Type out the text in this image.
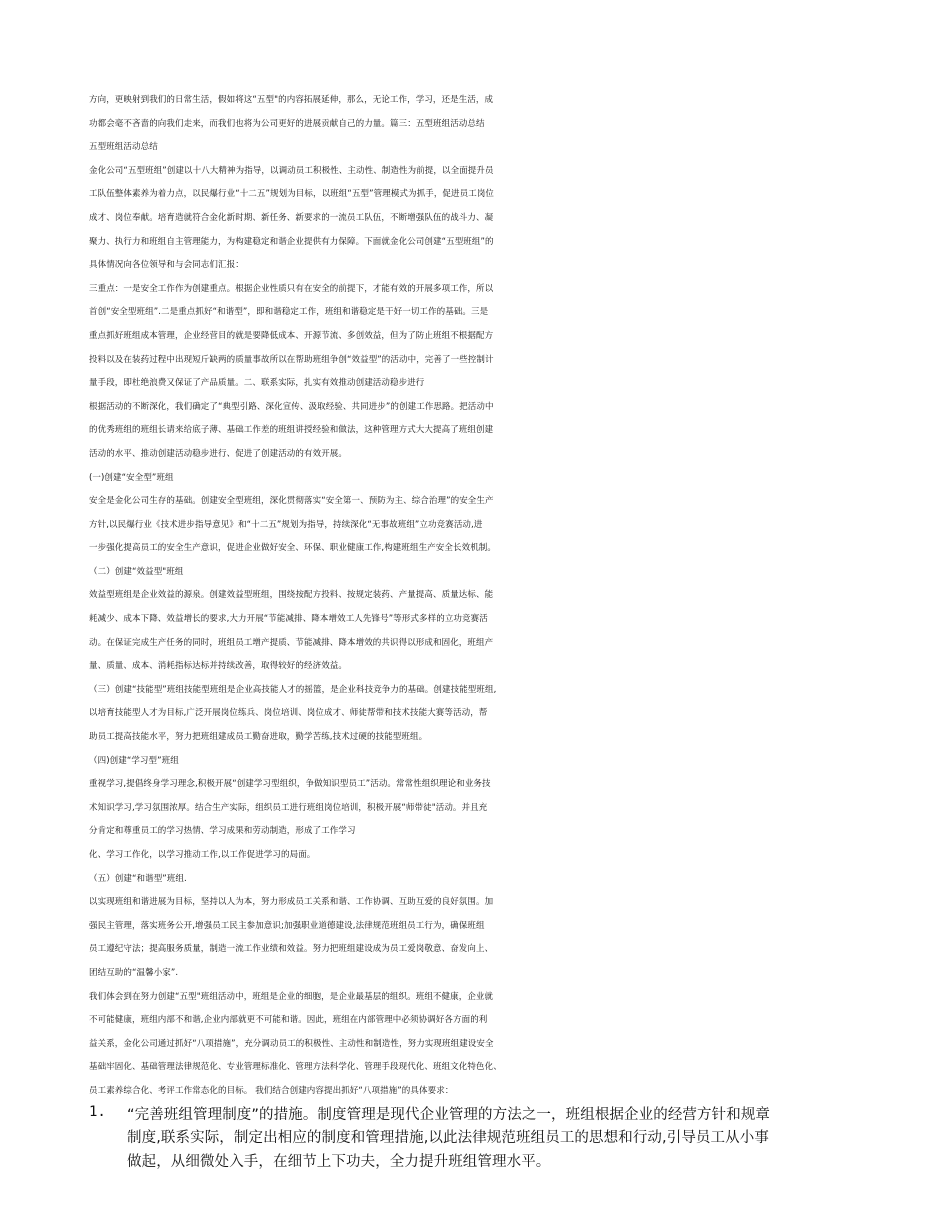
方向，更映射到我们的日常生活，假如将这“五型"的内容拓展延伸，那么，无论工作，学习，还是生活，成
功都会毫不吝啬的向我们走来，而我们也将为公司更好的进展贡献自己的力量。篇三：五型班组活动总结
五型班组活动总结
金化公司“五型班组”创建以十八大精神为指导，以调动员工积极性、主动性、制造性为前提，以全面提升员
工队伍整体素养为着力点，以民爆行业“十二五”规划为目标，以班组“五型”管理模式为抓手，促进员工岗位
成才、岗位奉献。培育造就符合金化新时期、新任务、新要求的一流员工队伍，不断增强队伍的战斗力、凝
聚力、执行力和班组自主管理能力，为构建稳定和谐企业提供有力保障。下面就金化公司创建“五型班组”的
具体情况向各位领导和与会同志们汇报：
三重点：一是安全工作作为创建重点。根据企业性质只有在安全的前提下，才能有效的开展多项工作，所以
首创“安全型班组”.二是重点抓好“和谐型”，即和谐稳定工作，班组和谐稳定是干好一切工作的基础。三是
重点抓好班组成本管理，企业经营目的就是要降低成本、开源节流、多创效益，但为了防止班组不根据配方
投料以及在装药过程中出现短斤缺两的质量事故所以在帮助班组争创“效益型”的活动中，完善了一些控制计
量手段，即杜绝浪费又保证了产品质量。二、联系实际，扎实有效推动创建活动稳步进行
根据活动的不断深化，我们确定了“典型引路、深化宣传、汲取经验、共同进步”的创建工作思路。把活动中
的优秀班组的班组长请来给底子薄、基础工作差的班组讲授经验和做法，这种管理方式大大提高了班组创建
活动的水平、推动创建活动稳步进行、促进了创建活动的有效开展。
(一)创建“安全型”班组
安全是金化公司生存的基础。创建安全型班组，深化贯彻落实“安全第一、预防为主、综合治理”的安全生产
方针,以民爆行业《技术进步指导意见》和“十二五”规划为指导，持续深化“无事故班组”立功竞赛活动,进
一步强化提高员工的安全生产意识，促进企业做好安全、环保、职业健康工作,构建班组生产安全长效机制。
（二）创建“效益型"班组
效益型班组是企业效益的源泉。创建效益型班组，围绕按配方投料、按规定装药、产量提高、质量达标、能
耗减少、成本下降、效益增长的要求,大力开展“节能减排、降本增效工人先锋号”等形式多样的立功竞赛活
动。在保证完成生产任务的同时，班组员工增产提质、节能减排、降本增效的共识得以形成和固化，班组产
量、质量、成本、消耗指标达标并持续改善，取得较好的经济效益。
（三）创建“技能型”班组技能型班组是企业高技能人才的摇篮，是企业科技竞争力的基础。创建技能型班组,
以培育技能型人才为目标,广泛开展岗位练兵、岗位培训、岗位成才、师徒帮带和技术技能大赛等活动，帮
助员工提高技能水平，努力把班组建成员工勤奋进取，勤学苦练,技术过硬的技能型班组。
（四)创建“学习型”班组
重视学习,提倡终身学习理念,积极开展“创建学习型组织，争做知识型员工”活动。常常性组织理论和业务技
术知识学习,学习氛围浓厚。结合生产实际，组织员工进行班组岗位培训，积极开展“师带徒"活动。并且充
分肯定和尊重员工的学习热情、学习成果和劳动制造，形成了工作学习
化、学习工作化，以学习推动工作,以工作促进学习的局面。
（五）创建“和谐型”班组.
以实现班组和谐进展为目标，坚持以人为本，努力形成员工关系和谐、工作协调、互助互爱的良好氛围。加
强民主管理，落实班务公开,增强员工民主参加意识;加强职业道德建设,法律规范班组员工行为，确保班组
员工遵纪守法；提高服务质量，制造一流工作业绩和效益。努力把班组建设成为员工爱岗敬意、奋发向上、
团结互助的“温馨小家”.
我们体会到在努力创建“五型"班组活动中，班组是企业的细胞，是企业最基层的组织。班组不健康，企业就
不可能健康，班组内部不和谐,企业内部就更不可能和谐。因此，班组在内部管理中必须协调好各方面的利
益关系，金化公司通过抓好“八项措施”，充分调动员工的积极性、主动性和制造性，努力实现班组建设安全
基础牢固化、基础管理法律规范化、专业管理标准化、管理方法科学化、管理手段现代化、班组文化特色化、
员工素养综合化、考评工作常态化的目标。 我们结合创建内容提出抓好“八项措施”的具体要求：
1.	“完善班组管理制度”的措施。制度管理是现代企业管理的方法之一，班组根据企业的经营方针和规章
制度,联系实际，制定出相应的制度和管理措施,以此法律规范班组员工的思想和行动,引导员工从小事
做起，从细微处入手，在细节上下功夫，全力提升班组管理水平。
